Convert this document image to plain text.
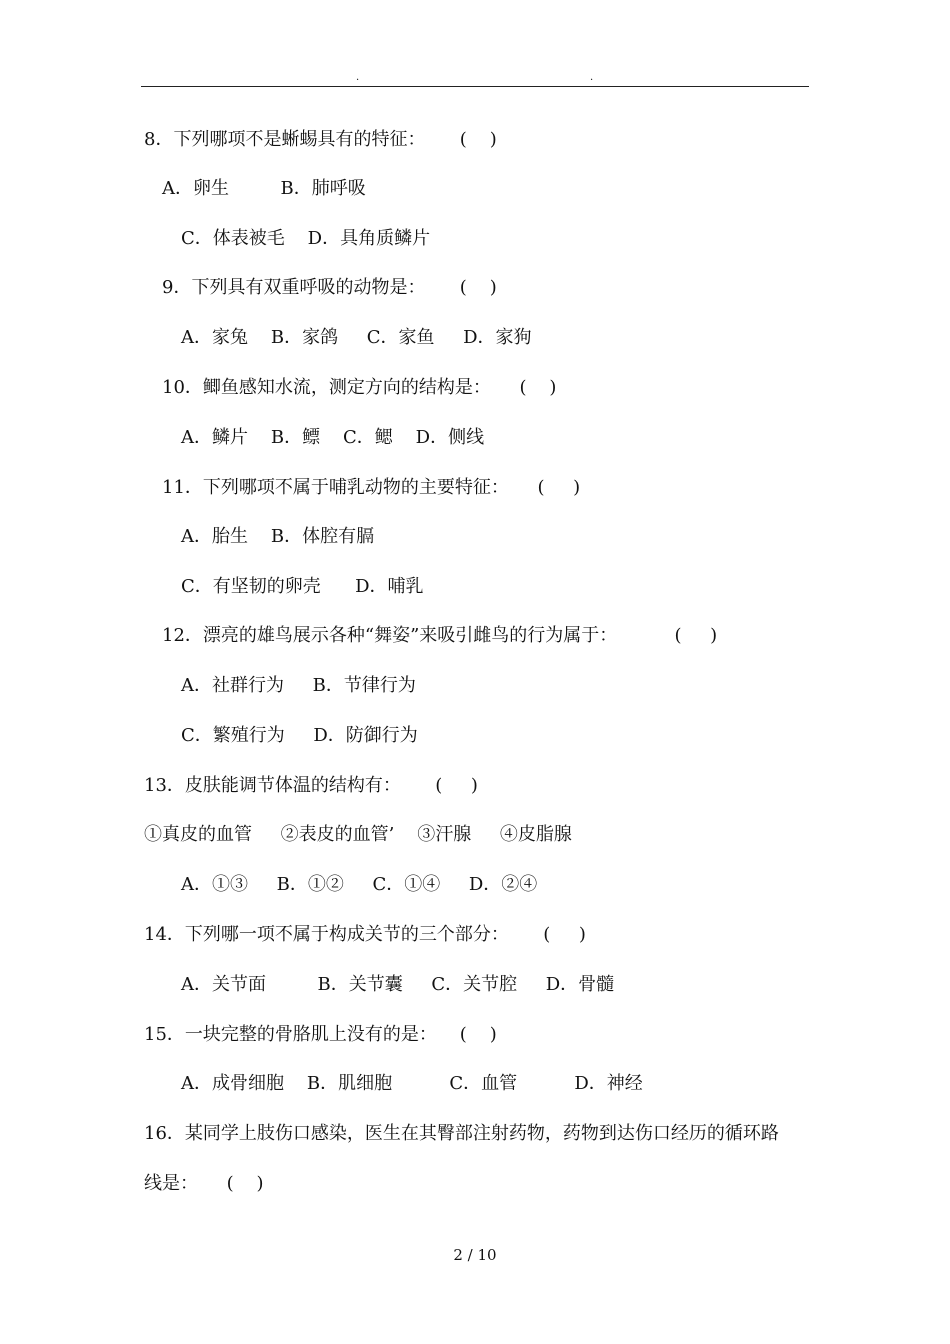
.	.
8．下列哪项不是蜥蜴具有的特征：      (    )
A．卵生         B．肺呼吸
C．体表被毛    D．具角质鳞片
9．下列具有双重呼吸的动物是：      (    )
A．家兔    B．家鸽     C．家鱼     D．家狗
10．鲫鱼感知水流，测定方向的结构是：     (    )
A．鳞片    B．鳔    C．鳃    D．侧线
11．下列哪项不属于哺乳动物的主要特征：     (     )
A．胎生    B．体腔有膈
C．有坚韧的卵壳      D．哺乳
12．漂亮的雄鸟展示各种“舞姿”来吸引雌鸟的行为属于：          (     )
A．社群行为     B．节律行为
C．繁殖行为     D．防御行为
13．皮肤能调节体温的结构有：      (     )
①真皮的血管     ②表皮的血管’    ③汗腺     ④皮脂腺
A．①③     B．①②     C．①④     D．②④
14．下列哪一项不属于构成关节的三个部分：      (     )
A．关节面         B．关节囊     C．关节腔     D．骨髓
15．一块完整的骨胳肌上没有的是：    (    )
A．成骨细胞    B．肌细胞          C．血管          D．神经
16．某同学上肢伤口感染，医生在其臀部注射药物，药物到达伤口经历的循环路
线是：     (    )
2 / 10
